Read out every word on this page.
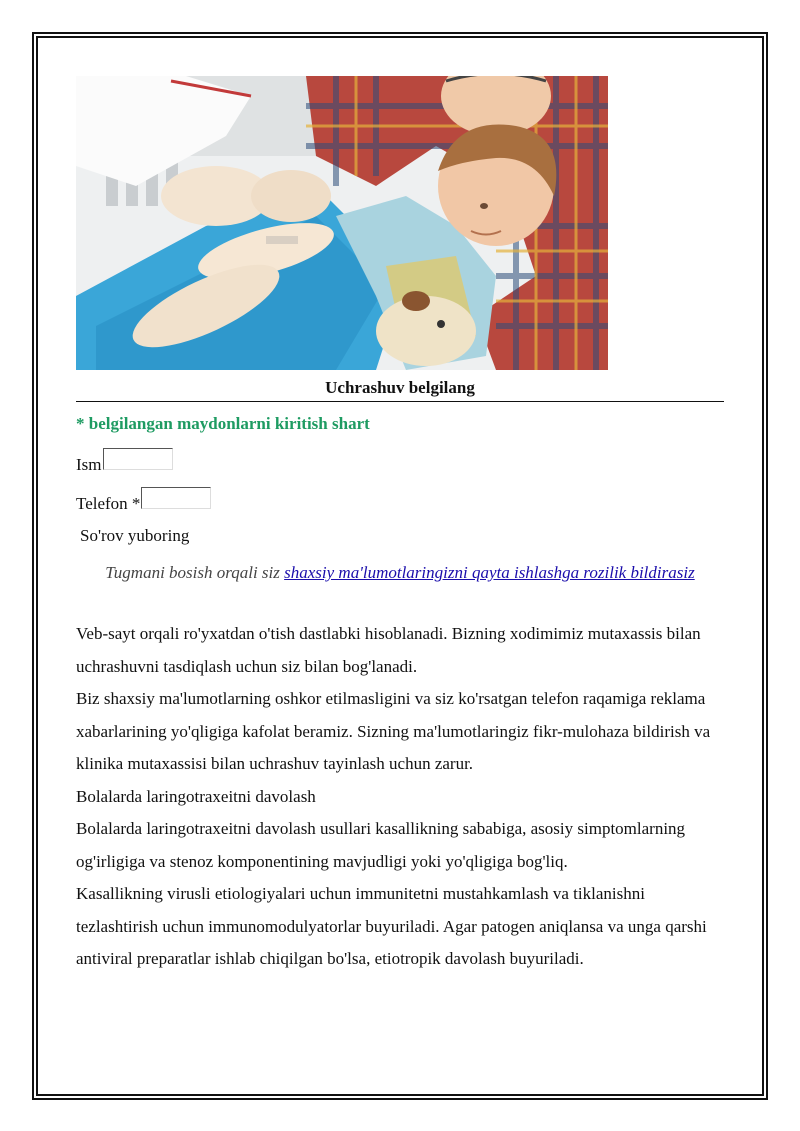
Uchrashuv belgilang
* belgilangan maydonlarni kiritish shart
Ism
Telefon *
So'rov yuboring
Tugmani bosish orqali siz shaxsiy ma'lumotlaringizni qayta ishlashga rozilik bildirasiz

Veb-sayt orqali ro'yxatdan o'tish dastlabki hisoblanadi. Bizning xodimimiz mutaxassis bilan uchrashuvni tasdiqlash uchun siz bilan bog'lanadi.

Biz shaxsiy ma'lumotlarning oshkor etilmasligini va siz ko'rsatgan telefon raqamiga reklama xabarlarining yo'qligiga kafolat beramiz. Sizning ma'lumotlaringiz fikr-mulohaza bildirish va klinika mutaxassisi bilan uchrashuv tayinlash uchun zarur.

Bolalarda laringotraxeitni davolash

Bolalarda laringotraxeitni davolash usullari kasallikning sababiga, asosiy simptomlarning og'irligiga va stenoz komponentining mavjudligi yoki yo'qligiga bog'liq.

Kasallikning virusli etiologiyalari uchun immunitetni mustahkamlash va tiklanishni tezlashtirish uchun immunomodulyatorlar buyuriladi. Agar patogen aniqlansa va unga qarshi antiviral preparatlar ishlab chiqilgan bo'lsa, etiotropik davolash buyuriladi.
